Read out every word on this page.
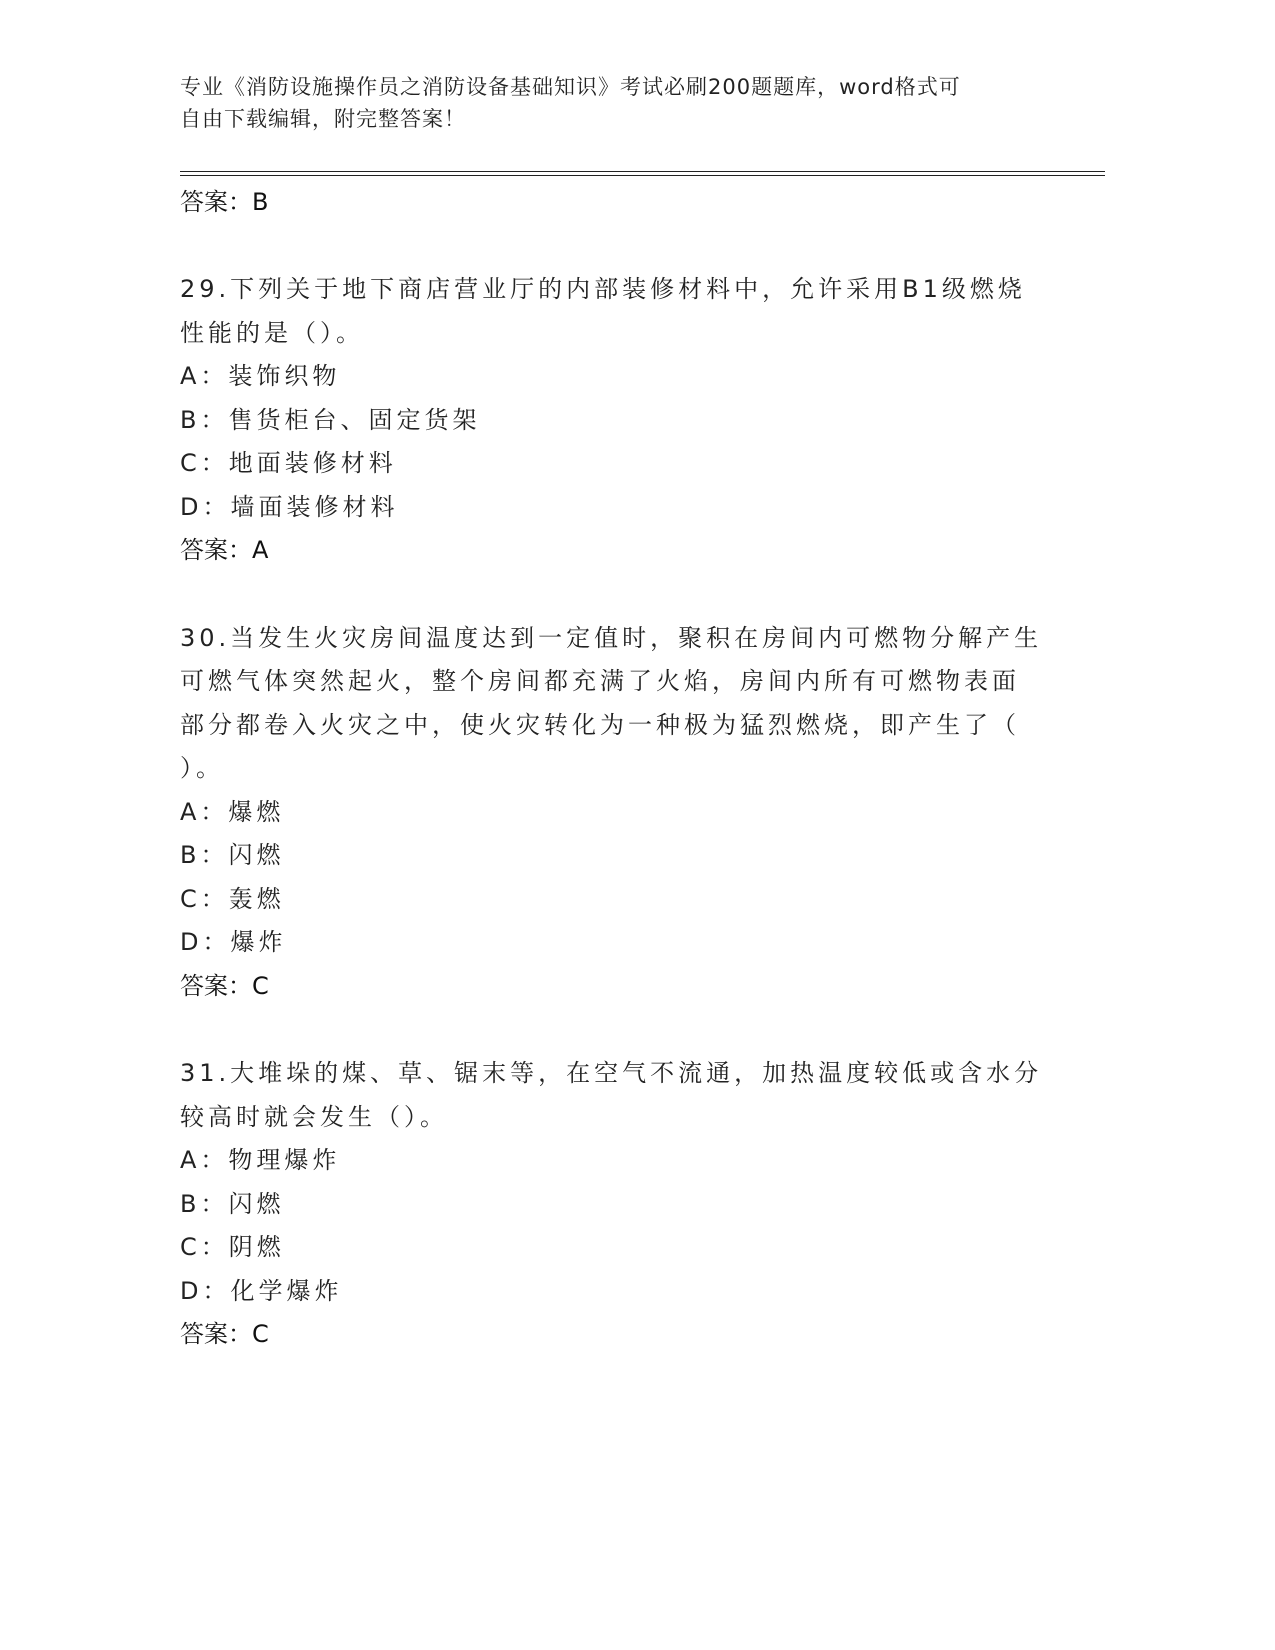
专业《消防设施操作员之消防设备基础知识》考试必刷200题题库，word格式可
自由下载编辑，附完整答案！
答案：B
29.下列关于地下商店营业厅的内部装修材料中，允许采用B1级燃烧
性能的是（）。
A：装饰织物
B：售货柜台、固定货架
C：地面装修材料
D：墙面装修材料
答案：A
30.当发生火灾房间温度达到一定值时，聚积在房间内可燃物分解产生
可燃气体突然起火，整个房间都充满了火焰，房间内所有可燃物表面
部分都卷入火灾之中，使火灾转化为一种极为猛烈燃烧，即产生了（
）。
A：爆燃
B：闪燃
C：轰燃
D：爆炸
答案：C
31.大堆垛的煤、草、锯末等，在空气不流通，加热温度较低或含水分
较高时就会发生（）。
A：物理爆炸
B：闪燃
C：阴燃
D：化学爆炸
答案：C
